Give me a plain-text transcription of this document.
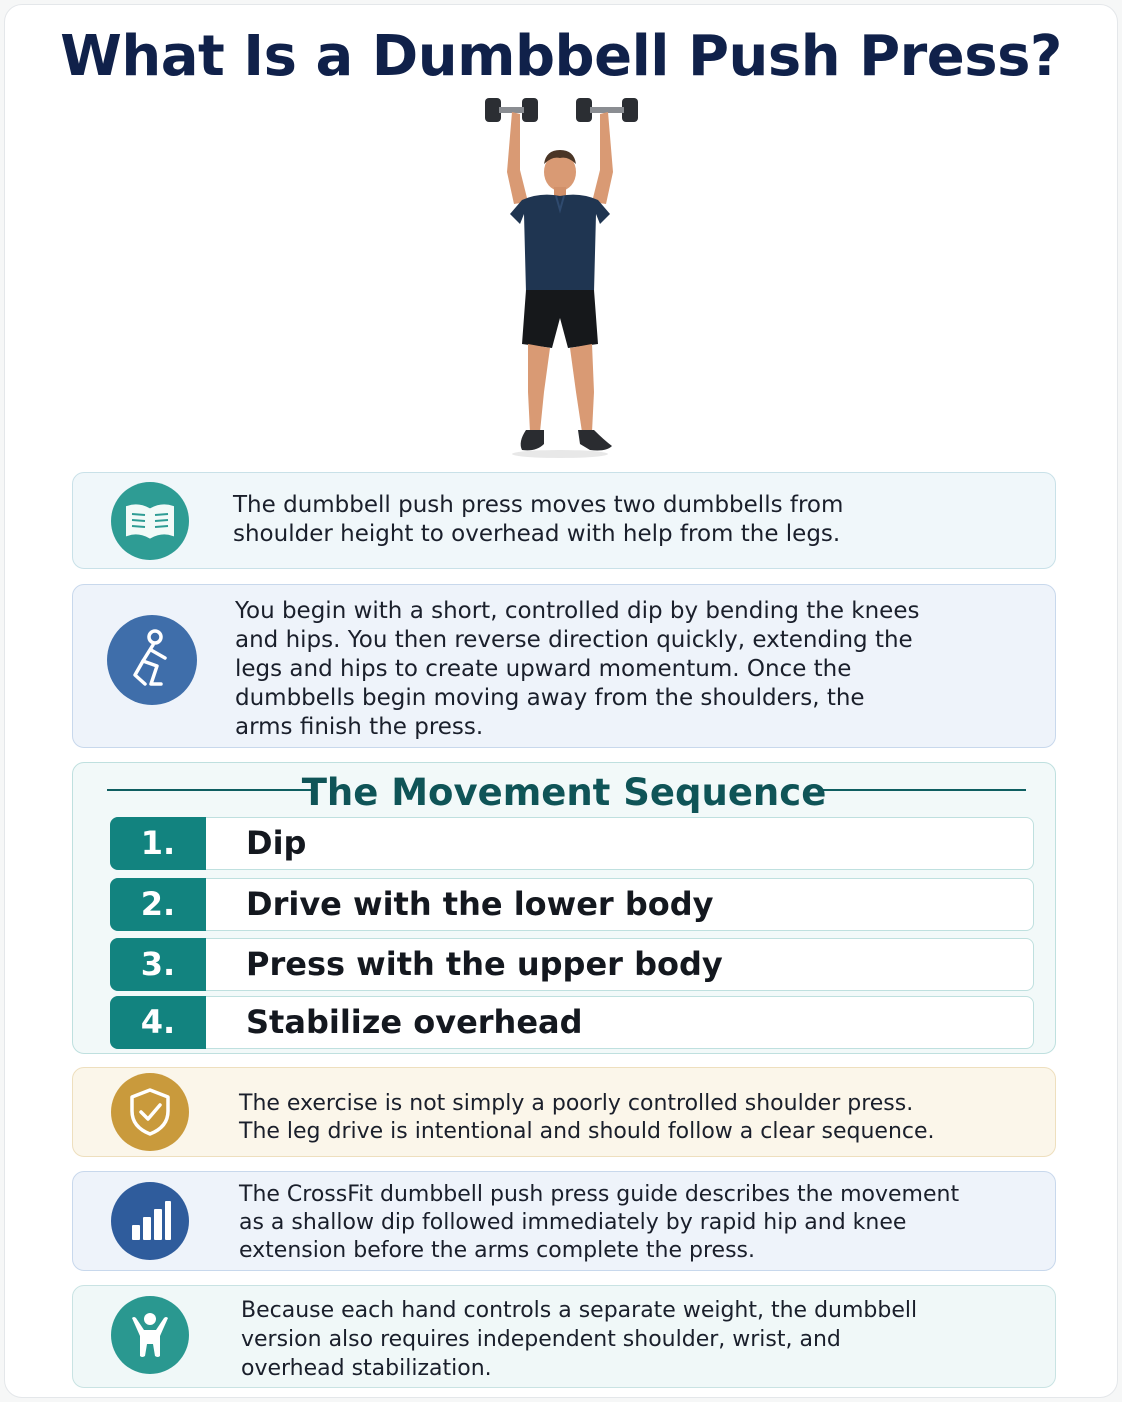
What Is a Dumbbell Push Press?
The dumbbell push press moves two dumbbells from
shoulder height to overhead with help from the legs.
You begin with a short, controlled dip by bending the knees
and hips. You then reverse direction quickly, extending the
legs and hips to create upward momentum. Once the
dumbbells begin moving away from the shoulders, the
arms finish the press.
The Movement Sequence
1.	Dip
2.	Drive with the lower body
3.	Press with the upper body
4.	Stabilize overhead
The exercise is not simply a poorly controlled shoulder press.
The leg drive is intentional and should follow a clear sequence.
The CrossFit dumbbell push press guide describes the movement
as a shallow dip followed immediately by rapid hip and knee
extension before the arms complete the press.
Because each hand controls a separate weight, the dumbbell
version also requires independent shoulder, wrist, and
overhead stabilization.
